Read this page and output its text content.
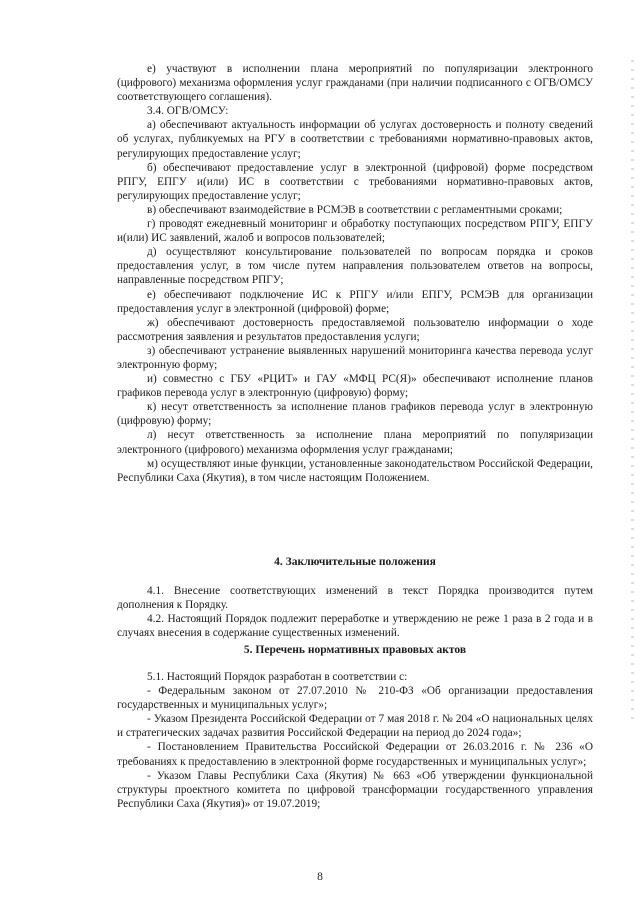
е) участвуют в исполнении плана мероприятий по популяризации электронного (цифрового) механизма оформления услуг гражданами (при наличии подписанного с ОГВ/ОМСУ соответствующего соглашения).

3.4. ОГВ/ОМСУ:

а) обеспечивают актуальность информации об услугах достоверность и полноту сведений об услугах, публикуемых на РГУ в соответствии с требованиями нормативно-правовых актов, регулирующих предоставление услуг;

б) обеспечивают предоставление услуг в электронной (цифровой) форме посредством РПГУ, ЕПГУ и(или) ИС в соответствии с требованиями нормативно-правовых актов, регулирующих предоставление услуг;

в) обеспечивают взаимодействие в РСМЭВ в соответствии с регламентными сроками;

г) проводят ежедневный мониторинг и обработку поступающих посредством РПГУ, ЕПГУ и(или) ИС заявлений, жалоб и вопросов пользователей;

д) осуществляют консультирование пользователей по вопросам порядка и сроков предоставления услуг, в том числе путем направления пользователем ответов на вопросы, направленные посредством РПГУ;

е) обеспечивают подключение ИС к РПГУ и/или ЕПГУ, РСМЭВ для организации предоставления услуг в электронной (цифровой) форме;

ж) обеспечивают достоверность предоставляемой пользователю информации о ходе рассмотрения заявления и результатов предоставления услуги;

з) обеспечивают устранение выявленных нарушений мониторинга качества перевода услуг электронную форму;

и) совместно с ГБУ «РЦИТ» и ГАУ «МФЦ РС(Я)» обеспечивают исполнение планов графиков перевода услуг в электронную (цифровую) форму;

к) несут ответственность за исполнение планов графиков перевода услуг в электронную (цифровую) форму;

л) несут ответственность за исполнение плана мероприятий по популяризации электронного (цифрового) механизма оформления услуг гражданами;

м) осуществляют иные функции, установленные законодательством Российской Федерации, Республики Саха (Якутия), в том числе настоящим Положением.

4. Заключительные положения

4.1. Внесение соответствующих изменений в текст Порядка производится путем дополнения к Порядку.

4.2. Настоящий Порядок подлежит переработке и утверждению не реже 1 раза в 2 года и в случаях внесения в содержание существенных изменений.

5. Перечень нормативных правовых актов

5.1. Настоящий Порядок разработан в соответствии с:

- Федеральным законом от 27.07.2010 № 210-ФЗ «Об организации предоставления государственных и муниципальных услуг»;

- Указом Президента Российской Федерации от 7 мая 2018 г. № 204 «О национальных целях и стратегических задачах развития Российской Федерации на период до 2024 года»;

- Постановлением Правительства Российской Федерации от 26.03.2016 г. № 236 «О требованиях к предоставлению в электронной форме государственных и муниципальных услуг»;

- Указом Главы Республики Саха (Якутия) № 663 «Об утверждении функциональной структуры проектного комитета по цифровой трансформации государственного управления Республики Саха (Якутия)» от 19.07.2019;

8
